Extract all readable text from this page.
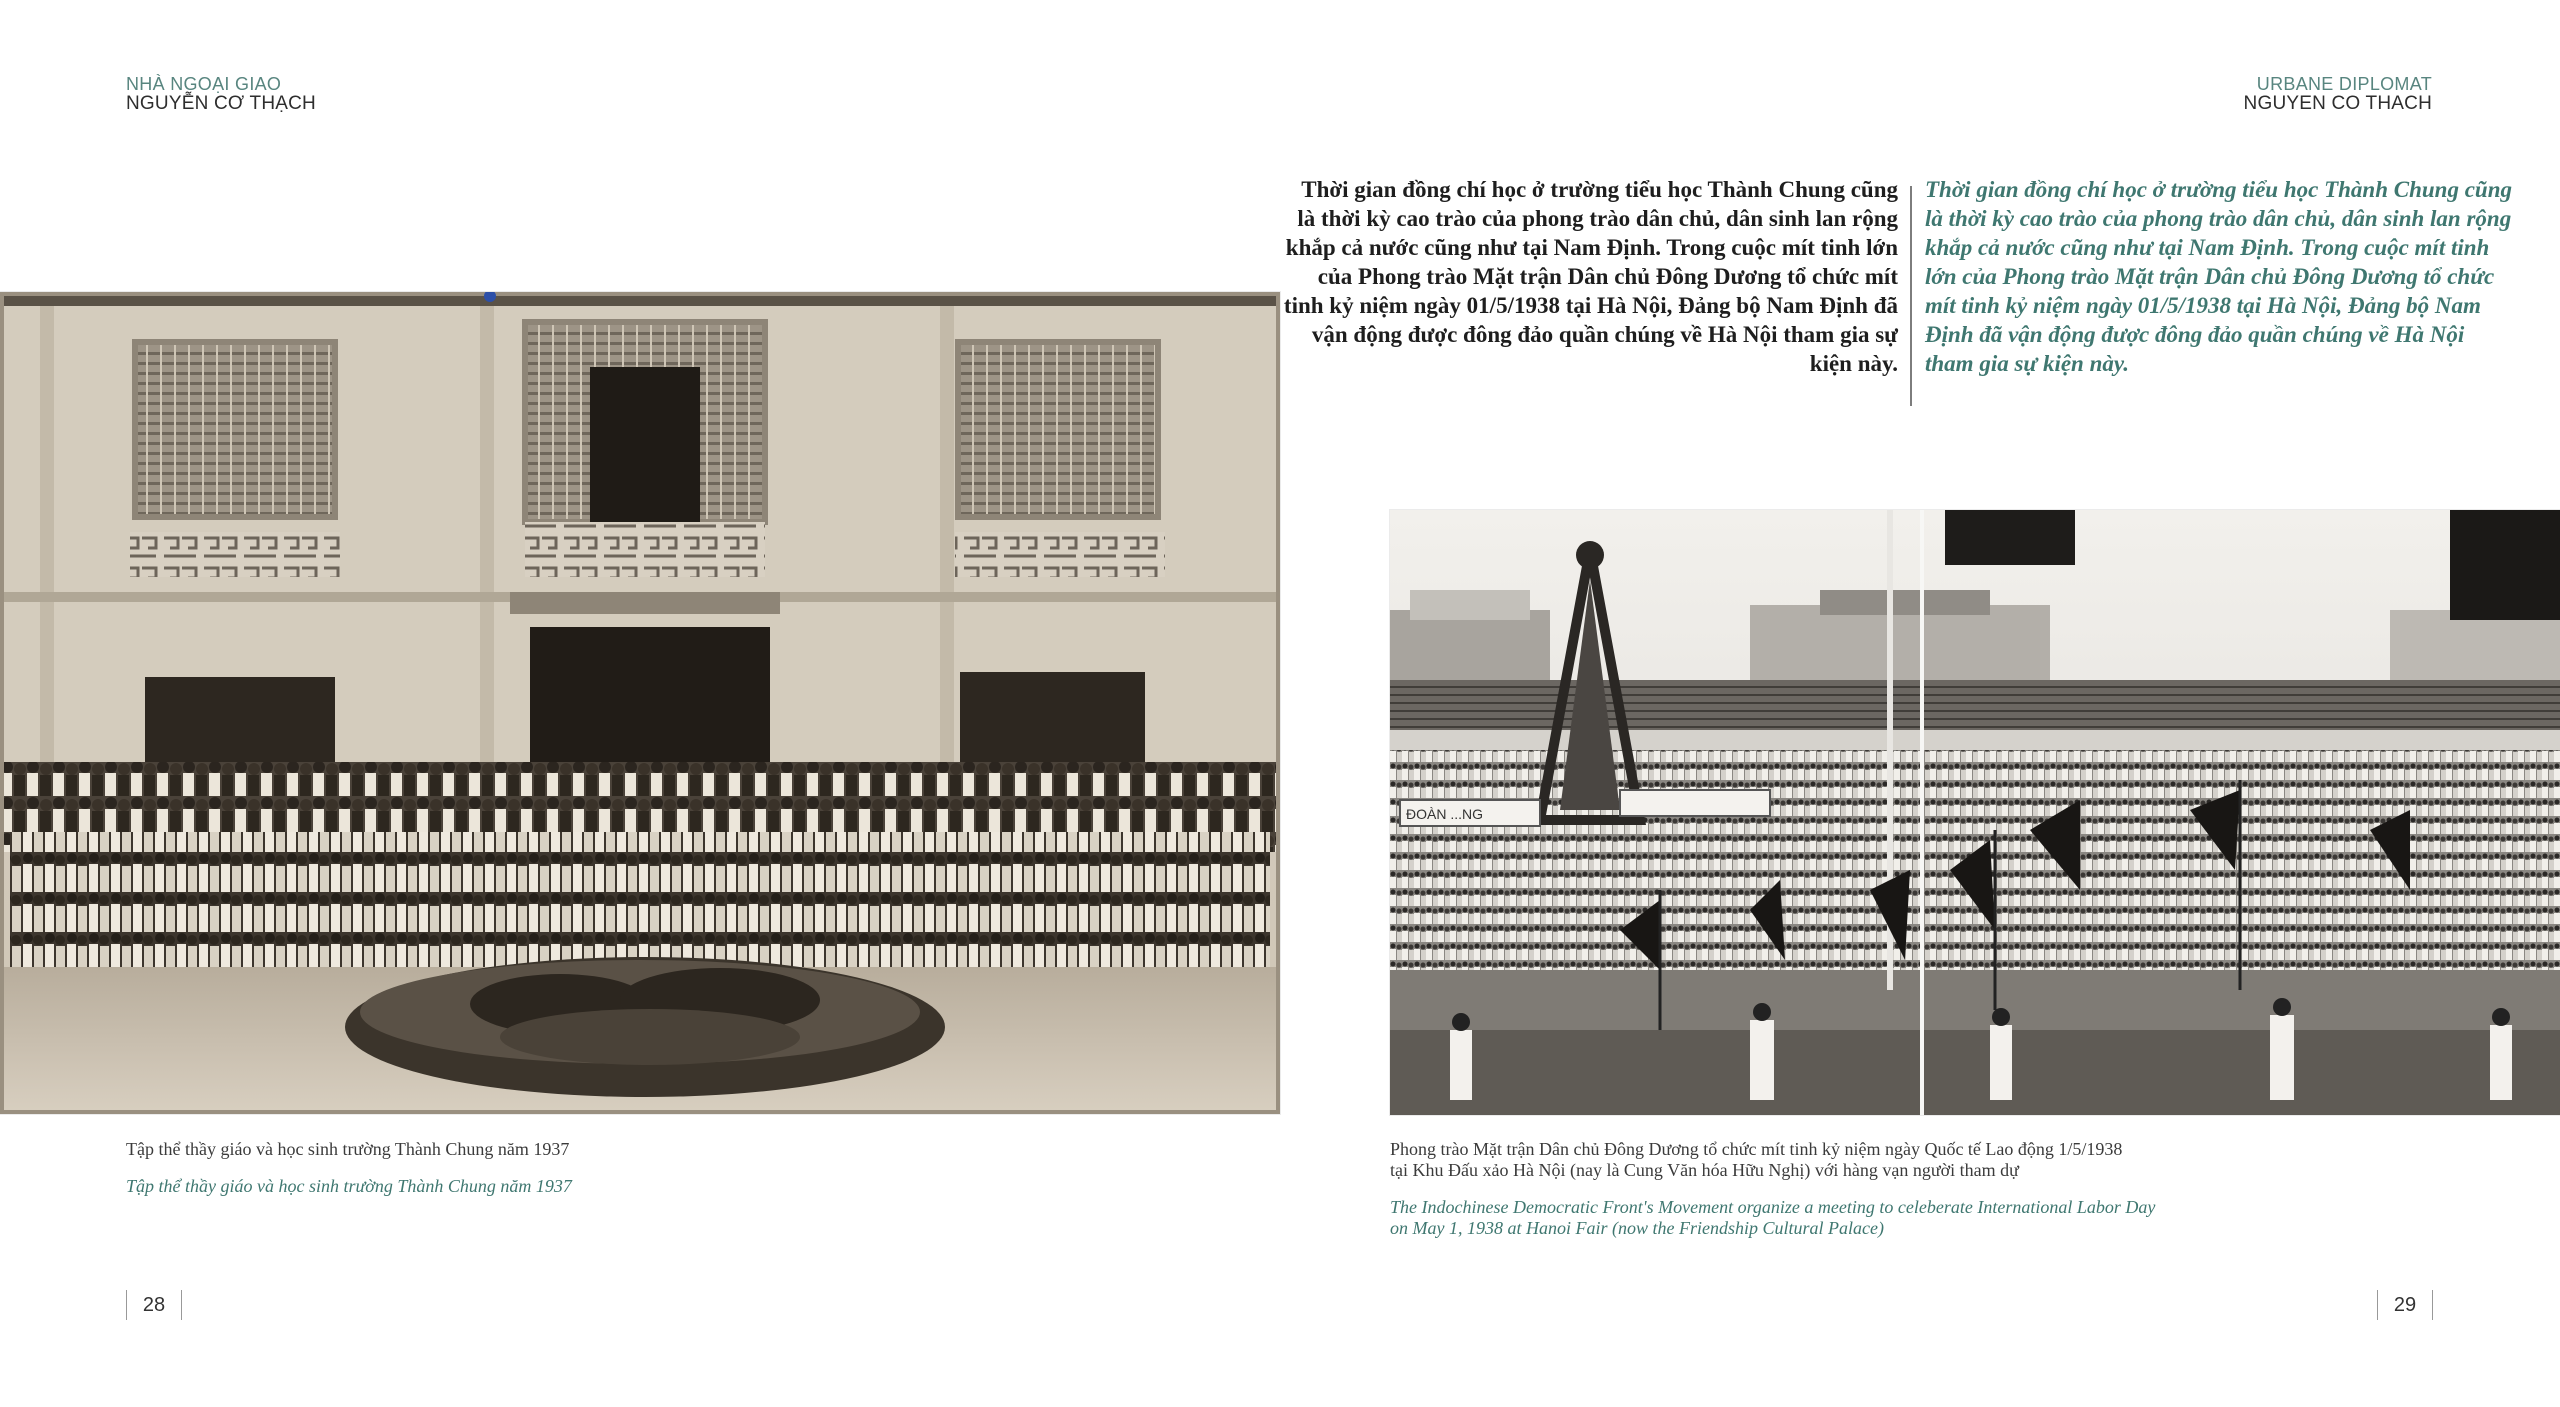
NHÀ NGOẠI GIAO
NGUYỄN CƠ THẠCH
Tập thể thầy giáo và học sinh trường Thành Chung năm 1937
Tập thể thầy giáo và học sinh trường Thành Chung năm 1937
28
URBANE DIPLOMAT
NGUYEN CO THACH
Thời gian đồng chí học ở trường tiểu học Thành Chung cũng là thời kỳ cao trào của phong trào dân chủ, dân sinh lan rộng khắp cả nước cũng như tại Nam Định. Trong cuộc mít tinh lớn của Phong trào Mặt trận Dân chủ Đông Dương tổ chức mít tinh kỷ niệm ngày 01/5/1938 tại Hà Nội, Đảng bộ Nam Định đã vận động được đông đảo quần chúng về Hà Nội tham gia sự kiện này.
Thời gian đồng chí học ở trường tiểu học Thành Chung cũng là thời kỳ cao trào của phong trào dân chủ, dân sinh lan rộng khắp cả nước cũng như tại Nam Định. Trong cuộc mít tinh lớn của Phong trào Mặt trận Dân chủ Đông Dương tổ chức mít tinh kỷ niệm ngày 01/5/1938 tại Hà Nội, Đảng bộ Nam Định đã vận động được đông đảo quần chúng về Hà Nội tham gia sự kiện này.
ĐOÀN ...NG
Phong trào Mặt trận Dân chủ Đông Dương tổ chức mít tinh kỷ niệm ngày Quốc tế Lao động 1/5/1938
tại Khu Đấu xảo Hà Nội (nay là Cung Văn hóa Hữu Nghị) với hàng vạn người tham dự
The Indochinese Democratic Front's Movement organize a meeting to celeberate International Labor Day
on May 1, 1938 at Hanoi Fair (now the Friendship Cultural Palace)
29
